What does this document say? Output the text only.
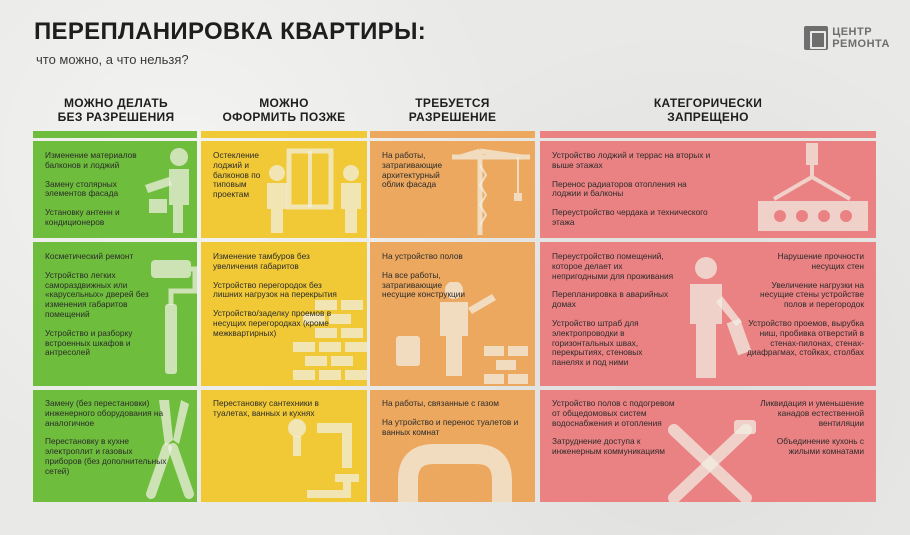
ПЕРЕПЛАНИРОВКА КВАРТИРЫ:
что можно, а что нельзя?
ЦЕНТР
РЕМОНТА
МОЖНО ДЕЛАТЬ
БЕЗ РАЗРЕШЕНИЯ
МОЖНО
ОФОРМИТЬ ПОЗЖЕ
ТРЕБУЕТСЯ
РАЗРЕШЕНИЕ
КАТЕГОРИЧЕСКИ
ЗАПРЕЩЕНО

Изменение материалов балконов и лоджий

Замену столярных элементов фасада

Установку антенн и кондиционеров

Косметический ремонт

Устройство легких самораздвижных или «карусельных» дверей без изменения габаритов помещений

Устройство и разборку встроенных шкафов и антресолей

Замену (без перестановки) инженерного оборудования на аналогичное

Перестановку в кухне электроплит и газовых приборов (без дополнительных сетей)

Остекление лоджий и балконов по типовым проектам

Изменение тамбуров без увеличения габаритов

Устройство перегородок без лишних нагрузок на перекрытия

Устройство/заделку проемов в несущих перегородках (кроме межквартирных)

Перестановку сантехники в туалетах, ванных и кухнях

На работы, затрагивающие архитектурный облик фасада

На устройство полов

На все работы, затрагивающие несущие конструкции

На работы, связанные с газом

На утройство и перенос туалетов и ванных комнат

Устройство лоджий и террас на вторых и выше этажах

Перенос радиаторов отопления на лоджии и балконы

Переустройство чердака и технического этажа

Переустройство помещений, которое делает их непригодными для проживания

Перепланировка в аварийных домах

Устройство штраб для электропроводки в горизонтальных швах, перекрытиях, стеновых панелях и под ними

Нарушение прочности несущих стен

Увеличение нагрузки на несущие стены устройстве полов и перегородок

Устройство проемов, вырубка ниш, пробивка отверстий в стенах-пилонах, стенах-диафрагмах, стойках, столбах

Устройство полов с подогревом от общедомовых систем водоснабжения и отопления

Затруднение доступа к инженерным коммуникациям

Ликвидация и уменьшение канадов естественной вентиляции

Объединение кухонь с жилыми комнатами
